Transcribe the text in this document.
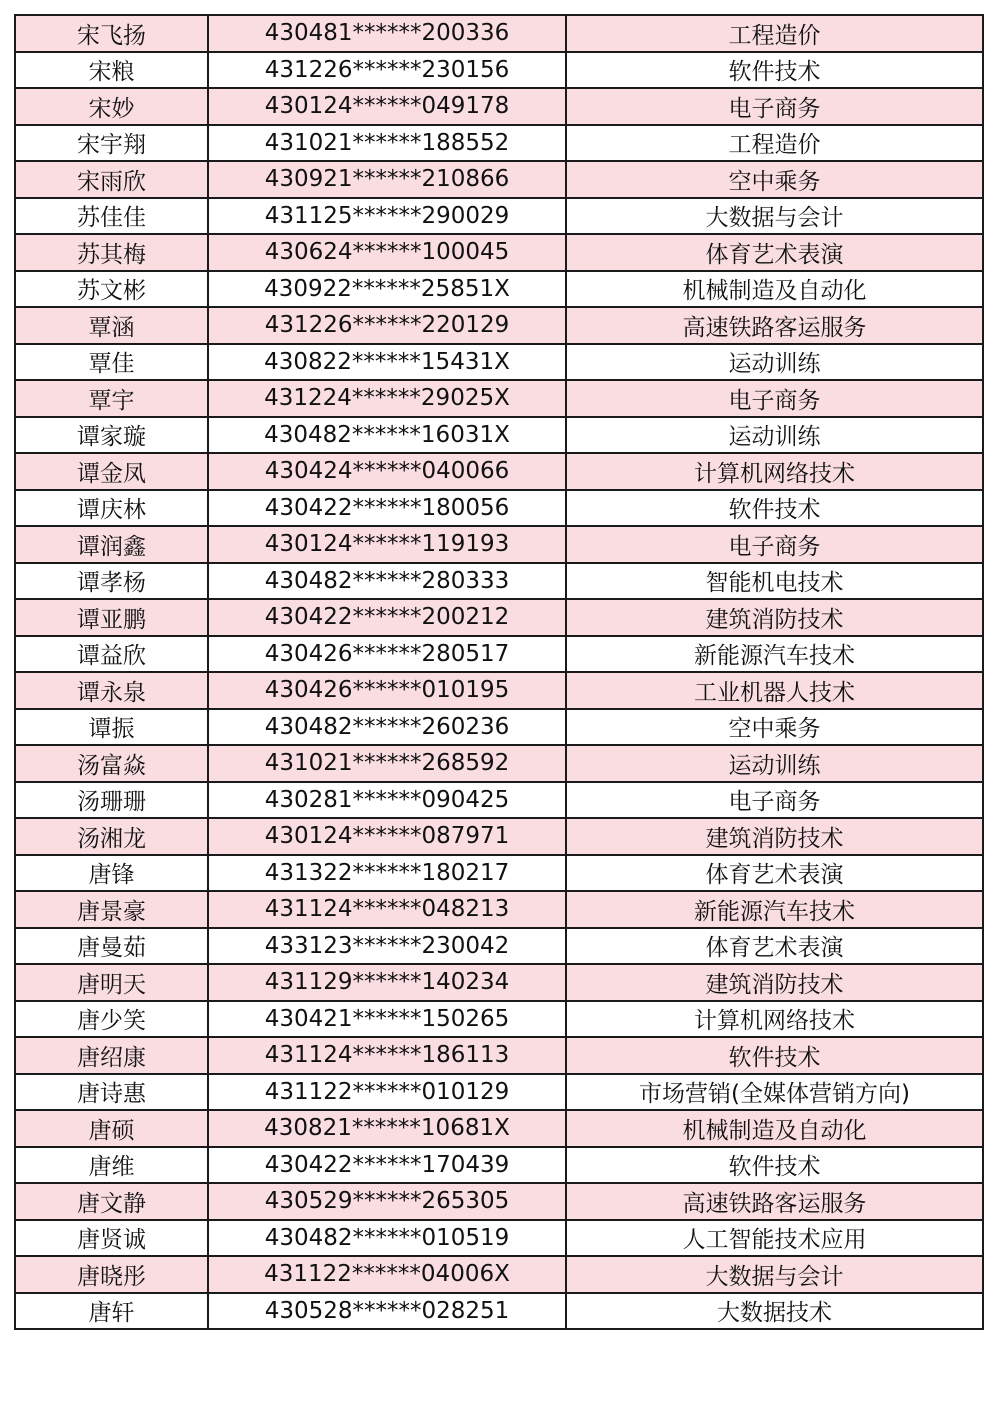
宋飞扬	430481******200336	工程造价
宋粮	431226******230156	软件技术
宋妙	430124******049178	电子商务
宋宇翔	431021******188552	工程造价
宋雨欣	430921******210866	空中乘务
苏佳佳	431125******290029	大数据与会计
苏其梅	430624******100045	体育艺术表演
苏文彬	430922******25851X	机械制造及自动化
覃涵	431226******220129	高速铁路客运服务
覃佳	430822******15431X	运动训练
覃宇	431224******29025X	电子商务
谭家璇	430482******16031X	运动训练
谭金凤	430424******040066	计算机网络技术
谭庆林	430422******180056	软件技术
谭润鑫	430124******119193	电子商务
谭孝杨	430482******280333	智能机电技术
谭亚鹏	430422******200212	建筑消防技术
谭益欣	430426******280517	新能源汽车技术
谭永泉	430426******010195	工业机器人技术
谭振	430482******260236	空中乘务
汤富焱	431021******268592	运动训练
汤珊珊	430281******090425	电子商务
汤湘龙	430124******087971	建筑消防技术
唐锋	431322******180217	体育艺术表演
唐景豪	431124******048213	新能源汽车技术
唐曼茹	433123******230042	体育艺术表演
唐明天	431129******140234	建筑消防技术
唐少笑	430421******150265	计算机网络技术
唐绍康	431124******186113	软件技术
唐诗惠	431122******010129	市场营销(全媒体营销方向)
唐硕	430821******10681X	机械制造及自动化
唐维	430422******170439	软件技术
唐文静	430529******265305	高速铁路客运服务
唐贤诚	430482******010519	人工智能技术应用
唐晓彤	431122******04006X	大数据与会计
唐轩	430528******028251	大数据技术
